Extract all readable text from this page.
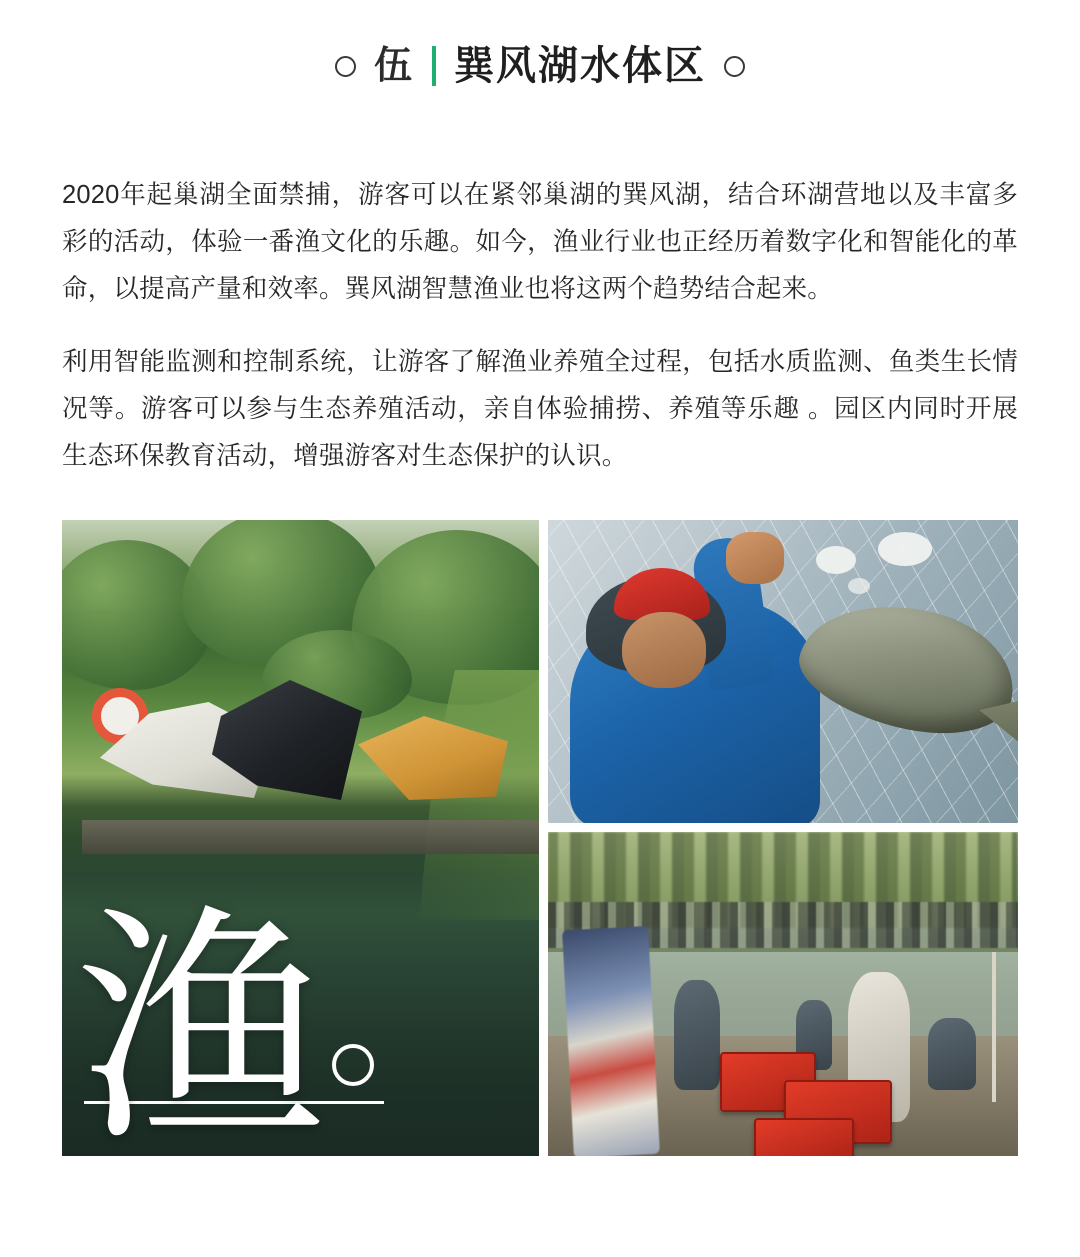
伍 巽风湖水体区

2020年起巢湖全面禁捕，游客可以在紧邻巢湖的巽风湖，结合环湖营地以及丰富多彩的活动，体验一番渔文化的乐趣。如今，渔业行业也正经历着数字化和智能化的革命，以提高产量和效率。巽风湖智慧渔业也将这两个趋势结合起来。

利用智能监测和控制系统，让游客了解渔业养殖全过程，包括水质监测、鱼类生长情况等。游客可以参与生态养殖活动，亲自体验捕捞、养殖等乐趣 。园区内同时开展生态环保教育活动，增强游客对生态保护的认识。

渔
